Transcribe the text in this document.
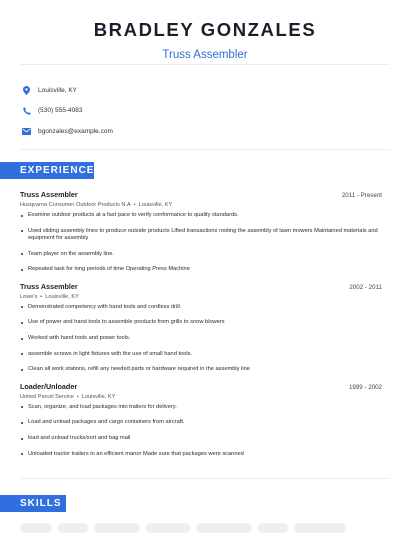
BRADLEY GONZALES
Truss Assembler
Louisville, KY
(530) 555-4083
bgonzales@example.com
EXPERIENCE
Truss Assembler	2011 - Present
Husqvarna Consumer Outdoor Products N.A • Louisville, KY
Examine outdoor products at a fast pace to verify conformance to quality standards.
Used sliding assembly lines to produce outside products Lifted transactions rooting the assembly of lawn mowers Maintained materials and equipment for assembly
Team player on the assembly line.
Repeated task for long periods of time Operating Press Machine
Truss Assembler	2002 - 2011
Lowe's • Louisville, KY
Demonstrated competency with hand tools and cordless drill.
Use of power and hand tools to assemble products from grills to snow blowers
Worked with hand tools and power tools.
assemble screws in light fixtures with the use of small hand tools.
Clean all work stations, refill any needed parts or hardware required in the assembly line
Loader/Unloader	1999 - 2002
United Parcel Service • Louisville, KY
Scan, organize, and load packages into trailers for delivery.
Load and unload packages and cargo containers from aircraft.
load and unload trucks/sort and bag mail
Unloaded tractor trailers in an efficient manor Made sure that packages were scanned
SKILLS
